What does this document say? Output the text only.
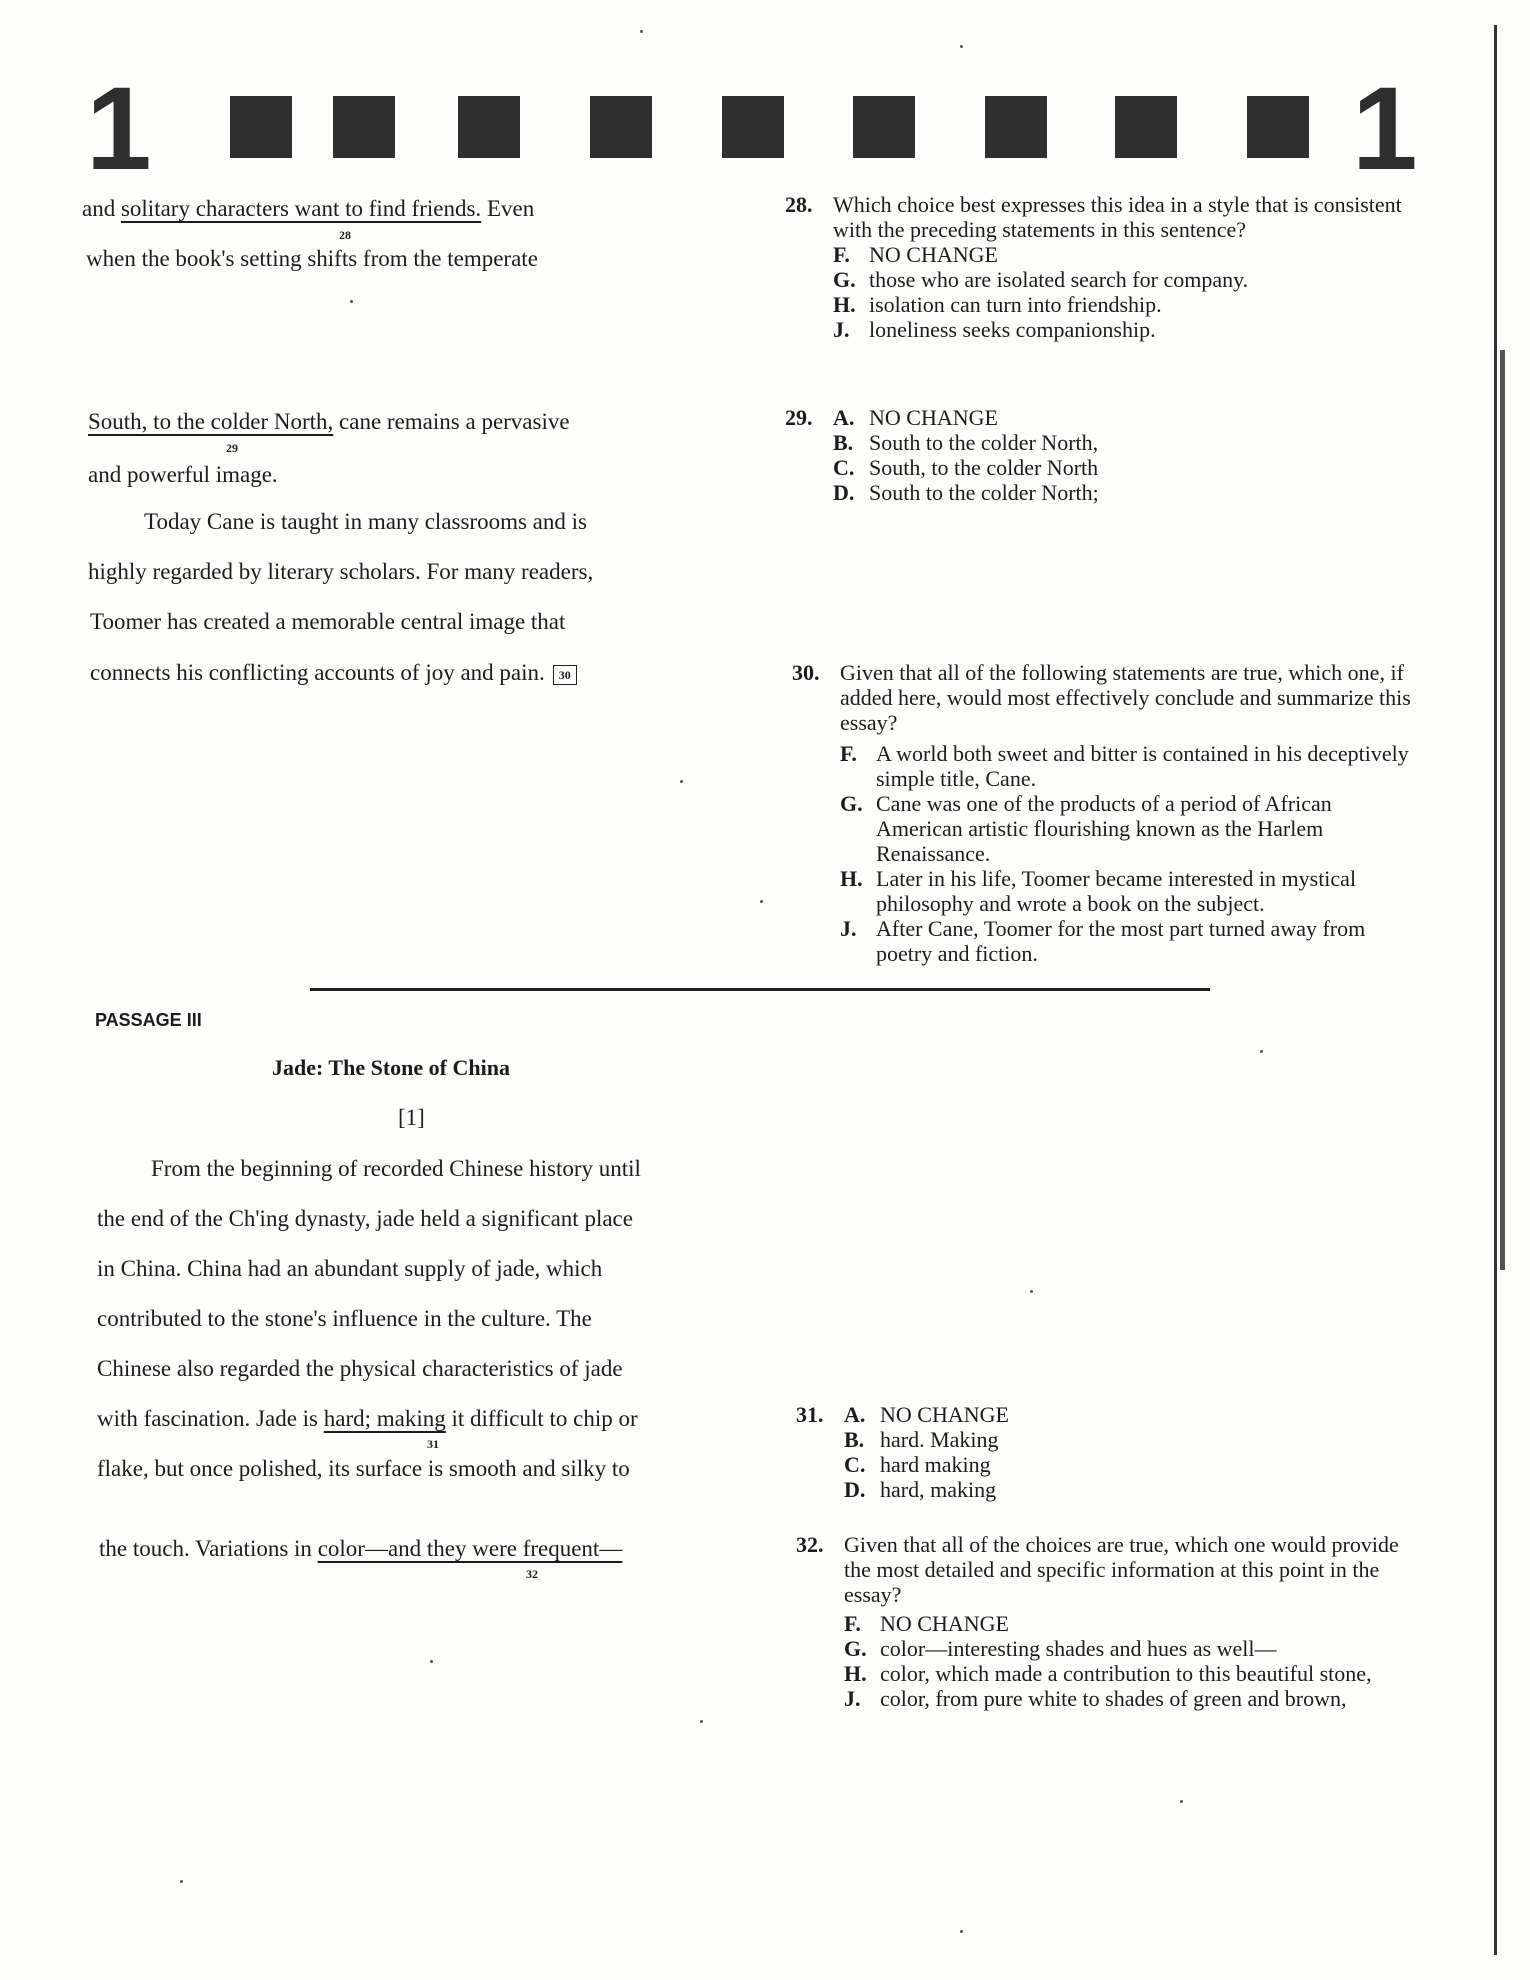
1	1
and solitary characters want to find friends. Even
28
when the book's setting shifts from the temperate
South, to the colder North, cane remains a pervasive
29
and powerful image.
Today Cane is taught in many classrooms and is
highly regarded by literary scholars. For many readers,
Toomer has created a memorable central image that
connects his conflicting accounts of joy and pain. 30
28. Which choice best expresses this idea in a style that is consistent with the preceding statements in this sentence?
F. NO CHANGE
G. those who are isolated search for company.
H. isolation can turn into friendship.
J. loneliness seeks companionship.
29. A. NO CHANGE
B. South to the colder North,
C. South, to the colder North
D. South to the colder North;
30. Given that all of the following statements are true, which one, if added here, would most effectively conclude and summarize this essay?
F. A world both sweet and bitter is contained in his deceptively simple title, Cane.
G. Cane was one of the products of a period of African American artistic flourishing known as the Harlem Renaissance.
H. Later in his life, Toomer became interested in mystical philosophy and wrote a book on the subject.
J. After Cane, Toomer for the most part turned away from poetry and fiction.
PASSAGE III
Jade: The Stone of China
[1]
From the beginning of recorded Chinese history until
the end of the Ch'ing dynasty, jade held a significant place
in China. China had an abundant supply of jade, which
contributed to the stone's influence in the culture. The
Chinese also regarded the physical characteristics of jade
with fascination. Jade is hard; making it difficult to chip or
31
flake, but once polished, its surface is smooth and silky to
the touch. Variations in color—and they were frequent—
32
31. A. NO CHANGE
B. hard. Making
C. hard making
D. hard, making
32. Given that all of the choices are true, which one would provide the most detailed and specific information at this point in the essay?
F. NO CHANGE
G. color—interesting shades and hues as well—
H. color, which made a contribution to this beautiful stone,
J. color, from pure white to shades of green and brown,
